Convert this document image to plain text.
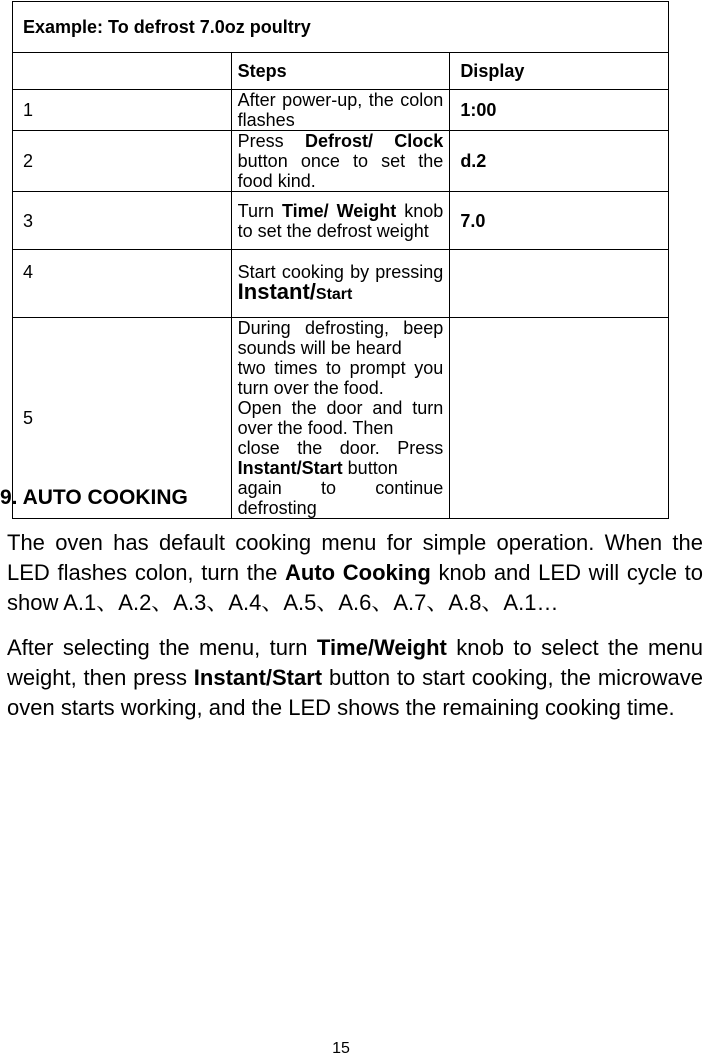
Example: To defrost 7.0oz poultry		
	Steps	Display
1	After power-up, the colon flashes	1:00
2	Press Defrost/ Clock button once to set the food kind.	d.2
3	Turn Time/ Weight knob to set the defrost weight	7.0
4	Start cooking by pressing Instant/Start	
5	During defrosting, beep sounds will be heard
two times to prompt you turn over the food.
Open the door and turn over the food. Then
close the door. Press Instant/Start button
again to continue defrosting	
9. AUTO COOKING

The oven has default cooking menu for simple operation. When the LED flashes colon, turn the Auto Cooking knob and LED will cycle to show A.1、A.2、A.3、A.4、A.5、A.6、A.7、A.8、A.1…

After selecting the menu, turn Time/Weight knob to select the menu weight, then press Instant/Start button to start cooking, the microwave oven starts working, and the LED shows the remaining cooking time.

15
